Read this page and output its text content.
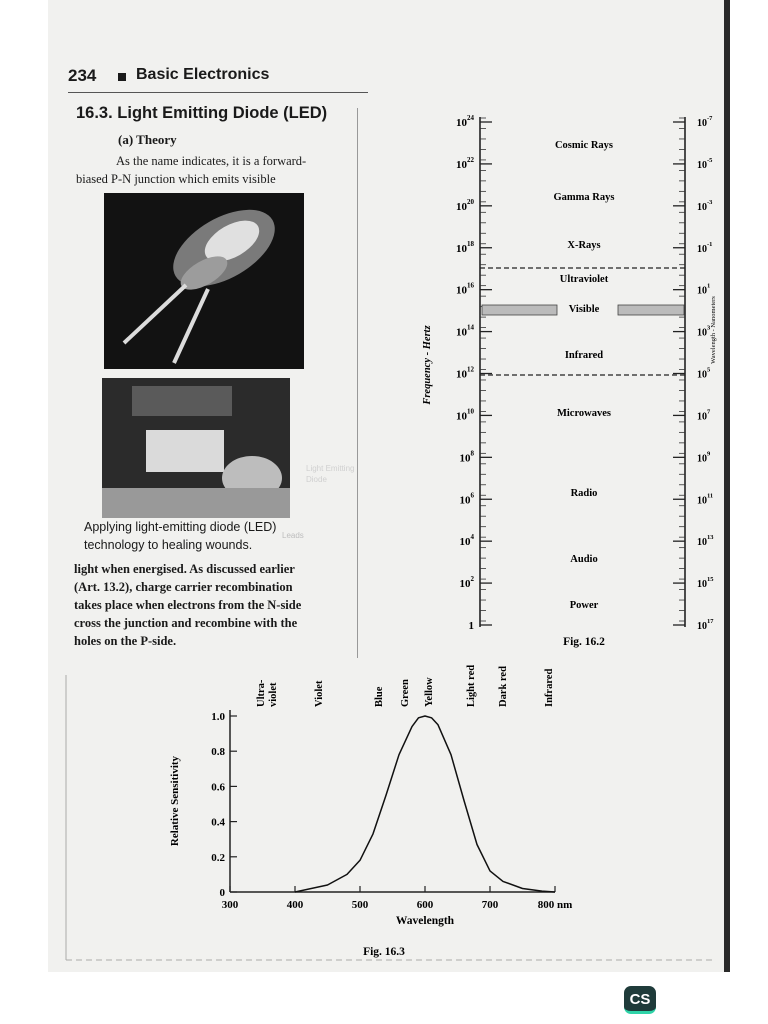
234 Basic Electronics
16.3. Light Emitting Diode (LED)
(a) Theory
As the name indicates, it is a forward-
biased P-N junction which emits visible
Light Emitting
Diode
Leads
Applying light-emitting diode (LED)
technology to healing wounds.
light when energised. As discussed earlier
(Art. 13.2), charge carrier recombination
takes place when electrons from the N-side
cross the junction and recombine with the
holes on the P-side.
$10^{24}$
$10^{22}$
$10^{20}$
$10^{18}$
$10^{16}$
$10^{14}$
$10^{12}$
$10^{10}$
$10^8$
$10^6$
$10^4$
$10^2$
1
$10^{-7}$
$10^{-5}$
$10^{-3}$
$10^{-1}$
$10^1$
$10^3$
$10^5$
$10^7$
$10^9$
$10^{11}$
$10^{13}$
$10^{15}$
$10^{17}$
Cosmic Rays
Gamma Rays
X-Rays
Ultraviolet
Visible
Infrared
Microwaves
Radio
Audio
Power
Frequency - Hertz	Wavelength - Nanometers
Fig. 16.2
300	400	500	600	700	800 nm
0
0.2
0.4
0.6
0.8
1.0
Relative Sensitivity
Wavelength
Fig. 16.3
Ultra- violet	Violet	Blue Green Yellow	Light red Dark red	Infrared
CS
